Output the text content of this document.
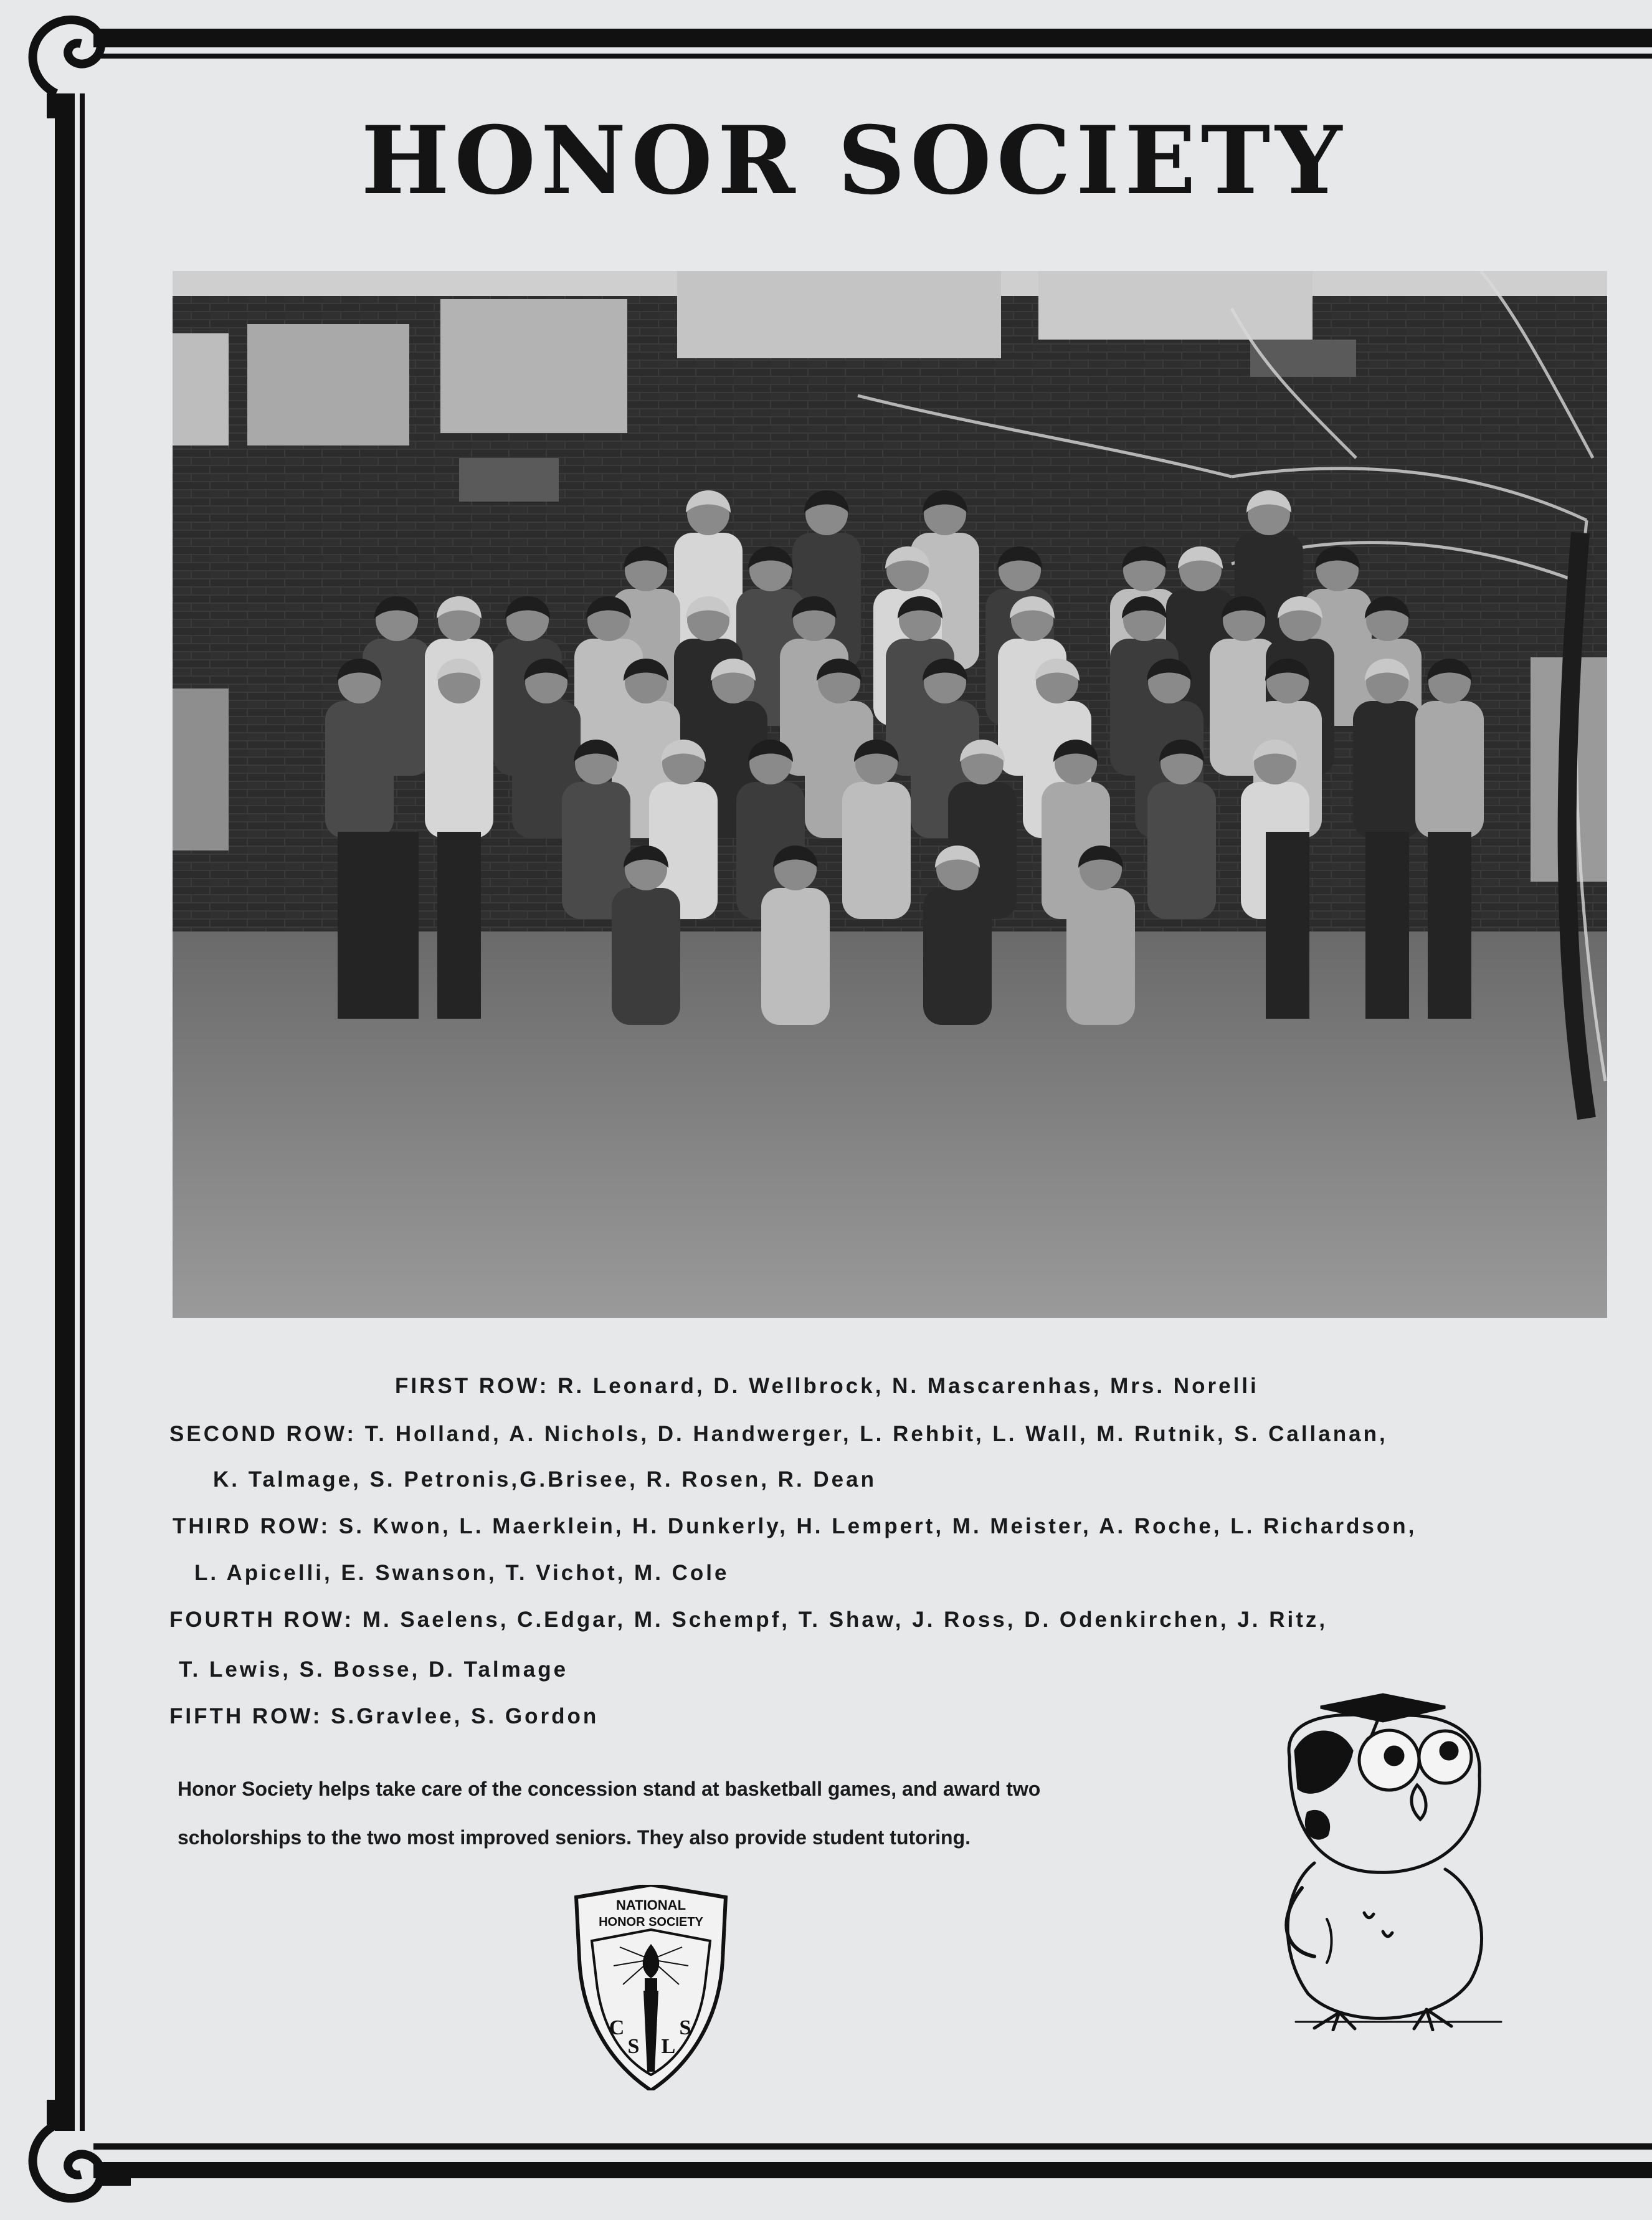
HONOR SOCIETY
FIRST ROW: R. Leonard, D. Wellbrock, N. Mascarenhas, Mrs. Norelli
SECOND ROW: T. Holland, A. Nichols, D. Handwerger, L. Rehbit, L. Wall, M. Rutnik, S. Callanan,
K. Talmage, S. Petronis,G.Brisee, R. Rosen, R. Dean
THIRD ROW: S. Kwon, L. Maerklein, H. Dunkerly, H. Lempert, M. Meister, A. Roche, L. Richardson,
L. Apicelli, E. Swanson, T. Vichot, M. Cole
FOURTH ROW: M. Saelens, C.Edgar, M. Schempf, T. Shaw, J. Ross, D. Odenkirchen, J. Ritz,
T. Lewis, S. Bosse, D. Talmage
FIFTH ROW: S.Gravlee, S. Gordon
Honor Society helps take care of the concession stand at basketball games, and award two
scholorships to the two most improved seniors. They also provide student tutoring.
NATIONAL
HONOR SOCIETY
C
S L
S
